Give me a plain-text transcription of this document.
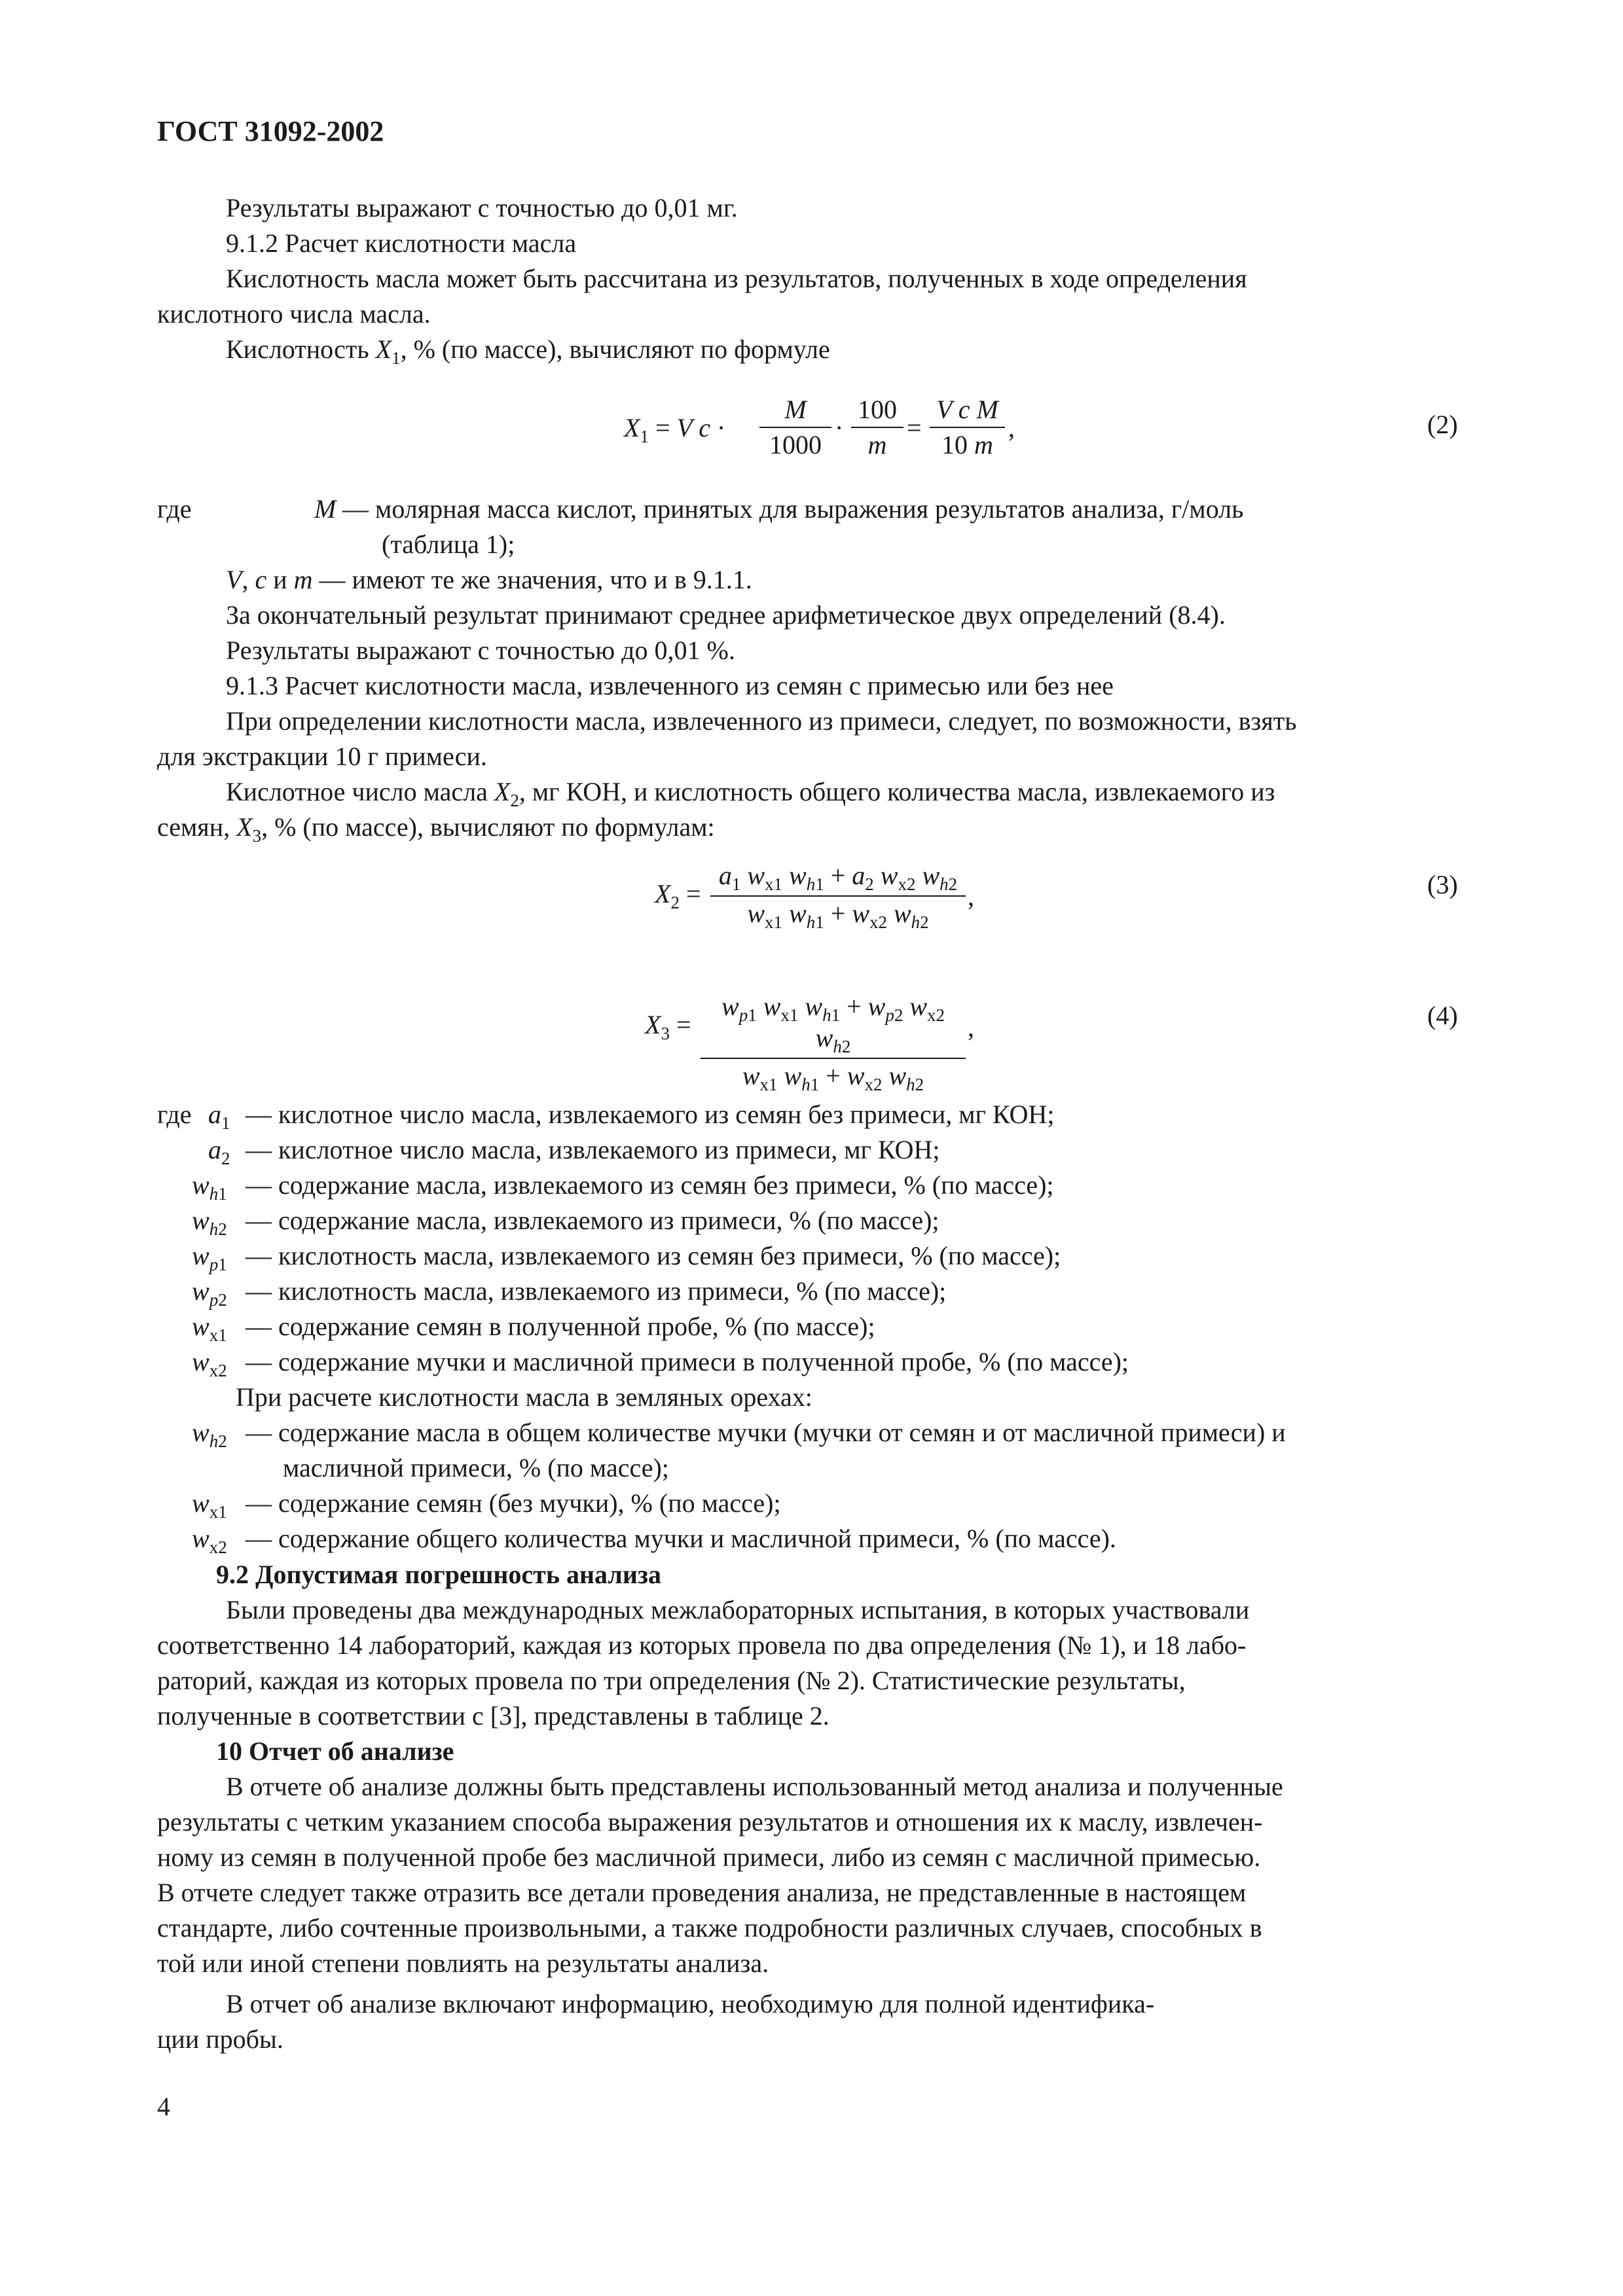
ГОСТ 31092-2002
Результаты выражают с точностью до 0,01 мг.
9.1.2 Расчет кислотности масла
Кислотность масла может быть рассчитана из результатов, полученных в ходе определения
кислотного числа масла.
Кислотность $X_1$, % (по массе), вычисляют по формуле
$X_1 = V$ $c \cdot \frac{M}{1000} \cdot \frac{100}{m} = \frac{\text{V c M}}{10 m}$ ,	(2)
где	M — молярная масса кислот, принятых для выражения результатов анализа, г/моль
(таблица 1);
V, c и m — имеют те же значения, что и в 9.1.1.
За окончательный результат принимают среднее арифметическое двух определений (8.4).
Результаты выражают с точностью до 0,01 %.
9.1.3 Расчет кислотности масла, извлеченного из семян с примесью или без нее
При определении кислотности масла, извлеченного из примеси, следует, по возможности, взять
для экстракции 10 г примеси.
Кислотное число масла $X_2$, мг КОН, и кислотность общего количества масла, извлекаемого из
семян, $X_3$, % (по массе), вычисляют по формулам:
$X_2 = \frac{a_1 w_{x1} w_{h1} + a_2 w_{x2} w_{h2}}{w_{x1} w_{h1} + w_{x2} w_{h2}}$ ,	(3)
$X_3 = \frac{w_{p1} w_{x1} w_{h1} + w_{p2} w_{x2} w_{h2}}{w_{x1} w_{h1} + w_{x2} w_{h2}}$ ,	(4)
где $a_1$ — кислотное число масла, извлекаемого из семян без примеси, мг КОН;
$a_2$ — кислотное число масла, извлекаемого из примеси, мг КОН;
$w_{h1}$ — содержание масла, извлекаемого из семян без примеси, % (по массе);
$w_{h2}$ — содержание масла, извлекаемого из примеси, % (по массе);
$w_{p1}$ — кислотность масла, извлекаемого из семян без примеси, % (по массе);
$w_{p2}$ — кислотность масла, извлекаемого из примеси, % (по массе);
$w_{x1}$ — содержание семян в полученной пробе, % (по массе);
$w_{x2}$ — содержание мучки и масличной примеси в полученной пробе, % (по массе);
При расчете кислотности масла в земляных орехах:
$w_{h2}$ — содержание масла в общем количестве мучки (мучки от семян и от масличной примеси) и
масличной примеси, % (по массе);
$w_{x1}$ — содержание семян (без мучки), % (по массе);
$w_{x2}$ — содержание общего количества мучки и масличной примеси, % (по массе).
9.2 Допустимая погрешность анализа
Были проведены два международных межлабораторных испытания, в которых участвовали
соответственно 14 лабораторий, каждая из которых провела по два определения (№ 1), и 18 лабо-
раторий, каждая из которых провела по три определения (№ 2). Статистические результаты,
полученные в соответствии с [3], представлены в таблице 2.
10 Отчет об анализе
В отчете об анализе должны быть представлены использованный метод анализа и полученные
результаты с четким указанием способа выражения результатов и отношения их к маслу, извлечен-
ному из семян в полученной пробе без масличной примеси, либо из семян с масличной примесью.
В отчете следует также отразить все детали проведения анализа, не представленные в настоящем
стандарте, либо сочтенные произвольными, а также подробности различных случаев, способных в
той или иной степени повлиять на результаты анализа.
В отчет об анализе включают информацию, необходимую для полной идентифика-
ции пробы.
4
